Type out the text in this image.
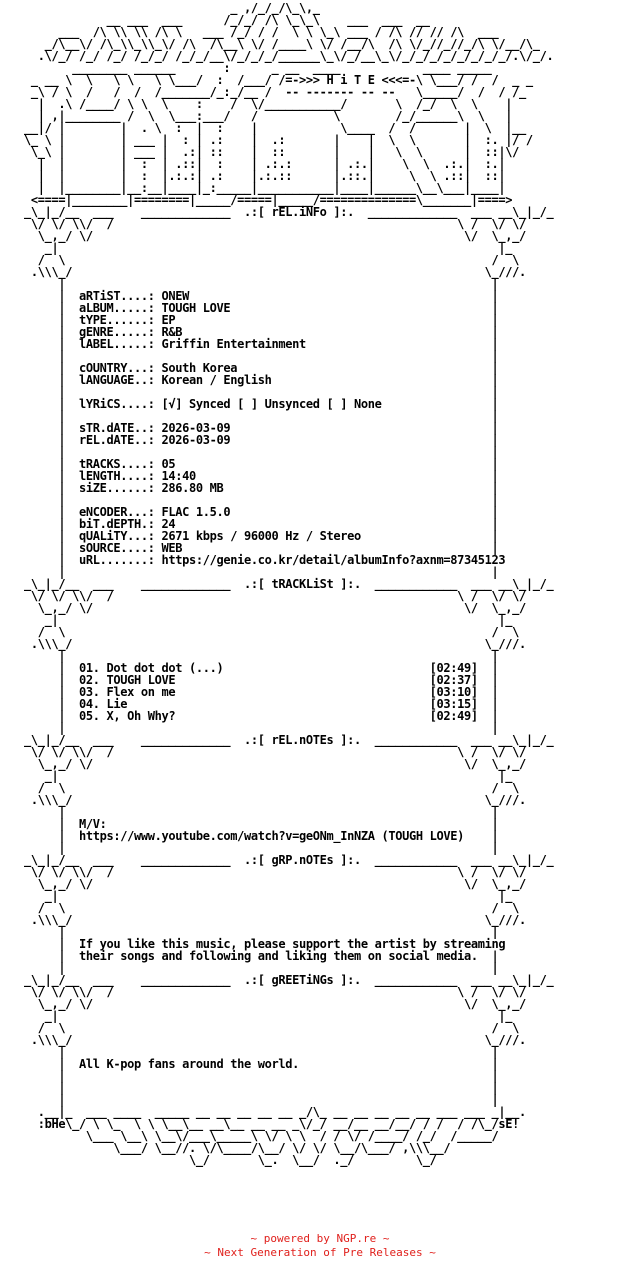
_ ,/_/_/\_\,_
__ ___  ___      /_/_/ /\ \_\_\    ___  ___  __
___  /\ \\ \\ /\ \   ___ /_/ / /  \ \ \_\ ___ / /\ // // /\  ___
_/\__\/ /\_\\_\\_\/ /\  /\__\ \/ /____\ \/ /__/\  /\ \/_//_//_/\ \/__/\_
.\/_/ /_/ /_/ /_/_/ /_/_/__\/_/_/_/______\_\/_/__\_\/_/_/_/_/_/_/_/_/.\/_/.
________ ______       :      _ __  ____            ____ _____
_ __ \  \   \ \   \ \___/  :  /___/ /=->>> H i T E <<<=-\ \___/ /  /  _ _
_\ / \  /   /  /  /_______/_:_/__ /  -- ------- -- --   \_____/  /  / /_
|  .\ /____/ \ \  \    :    /  \/___________/       \  /_/  \  \    |
| ,|________ /  \  \___:___/   /           \        /_/______\  \   |
__|/ |        |  . \  :  |  :    |            \____  /  /       |  \  |__
\_ \ |        | ___ |  : | .:    |  .:       |    |  \  \       |  :. |/ /
\_\ |        | ___ |  .:| ::    |  ::       |    |   \  \      |  ::|\/
|  |        |  :  | .::|  :    | .:.:      | .:.|    \  \  .:.|  :.|
|  |        |  :  |.:.:| .:    |.:.::      |.::.|     \  \ .::|  ::|
|  |________|__:__|____|_:_____|___________|____|______\__\___|____|
<====|________|========|_____/=====|_____/==============\_______|====>
_\_|_/__  ___    _____________  .:[ rEL.iNFo ]:.  _____________  ___ __\_|_/_
\/ \/ \\/  /                                                  \ /  \/ \/
\_,_/ \/                                                      \/  \_,_/
_|                                                                |_
/  \                                                              /  \
.\\\_/                                                            \_///.
|                                                              |
|  aRTiST....: ONEW                                            |
|  aLBUM.....: TOUGH LOVE                                      |
|  tYPE......: EP                                              |
|  gENRE.....: R&B                                             |
|  lABEL.....: Griffin Entertainment                           |
|                                                              |
|  cOUNTRY...: South Korea                                     |
|  lANGUAGE..: Korean / English                                |
|                                                              |
|  lYRiCS....: [√] Synced [ ] Unsynced [ ] None                |
|                                                              |
|  sTR.dATE..: 2026-03-09                                      |
|  rEL.dATE..: 2026-03-09                                      |
|                                                              |
|  tRACKS....: 05                                              |
|  lENGTH....: 14:40                                           |
|  siZE......: 286.80 MB                                       |
|                                                              |
|  eNCODER...: FLAC 1.5.0                                      |
|  biT.dEPTH.: 24                                              |
|  qUALiTY...: 2671 kbps / 96000 Hz / Stereo                   |
|  sOURCE....: WEB                                             |
|  uRL.......: https://genie.co.kr/detail/albumInfo?axnm=87345123
|                                                              |
_\_|_/__  ___    _____________  .:[ tRACKLiSt ]:.  ____________  ___ __\_|_/_
\/ \/ \\/  /                                                  \ /  \/ \/
\_,_/ \/                                                      \/  \_,_/
_|                                                                |_
/  \                                                              /  \
.\\\_/                                                            \_///.
|                                                              |
|  01. Dot dot dot (...)                              [02:49]  |
|  02. TOUGH LOVE                                     [02:37]  |
|  03. Flex on me                                     [03:10]  |
|  04. Lie                                            [03:15]  |
|  05. X, Oh Why?                                     [02:49]  |
|                                                              |
_\_|_/__  ___    _____________  .:[ rEL.nOTEs ]:.  ____________  ___ __\_|_/_
\/ \/ \\/  /                                                  \ /  \/ \/
\_,_/ \/                                                      \/  \_,_/
_|                                                                |_
/  \                                                              /  \
.\\\_/                                                            \_///.
|                                                              |
|  M/V:                                                        |
|  https://www.youtube.com/watch?v=geONm_InNZA (TOUGH LOVE)    |
|                                                              |
_\_|_/__  ___    _____________  .:[ gRP.nOTEs ]:.  ____________  ___ __\_|_/_
\/ \/ \\/  /                                                  \ /  \/ \/
\_,_/ \/                                                      \/  \_,_/
_|                                                                |_
/  \                                                              /  \
.\\\_/                                                            \_///.
|                                                              |
|  If you like this music, please support the artist by streaming
|  their songs and following and liking them on social media.  |
|                                                              |
_\_|_/__  ___    _____________  .:[ gREETiNGs ]:.  ____________  ___ __\_|_/_
\/ \/ \\/  /                                                  \ /  \/ \/
\_,_/ \/                                                      \/  \_,_/
_|                                                                |_
/  \                                                              /  \
.\\\_/                                                            \_///.
|                                                              |
|  All K-pop fans around the world.                            |
|                                                              |
|                                                              |
|                                                              |
.__|_  ___ ____  _____ __ __ __ __ __ _/\_ __ __ __ __ __ ___ ___ _|__.
:bHe\_/ \ \_  \ \ \__\__ __\__ __ __ _\/_/ __/__ __/__/ / /  / /\_/sE!
\___ \__\ \__\/___\_____\ \/ \ \  / / \/ /____/ /_/  /_____/
\___/ \__//. \/\____/\__/ \/ \/ \__/\___/ ,\\\__/
\_/       \_.  \__/  ._/         \_/
~ powered by NGP.re ~
~ Next Generation of Pre Releases ~
